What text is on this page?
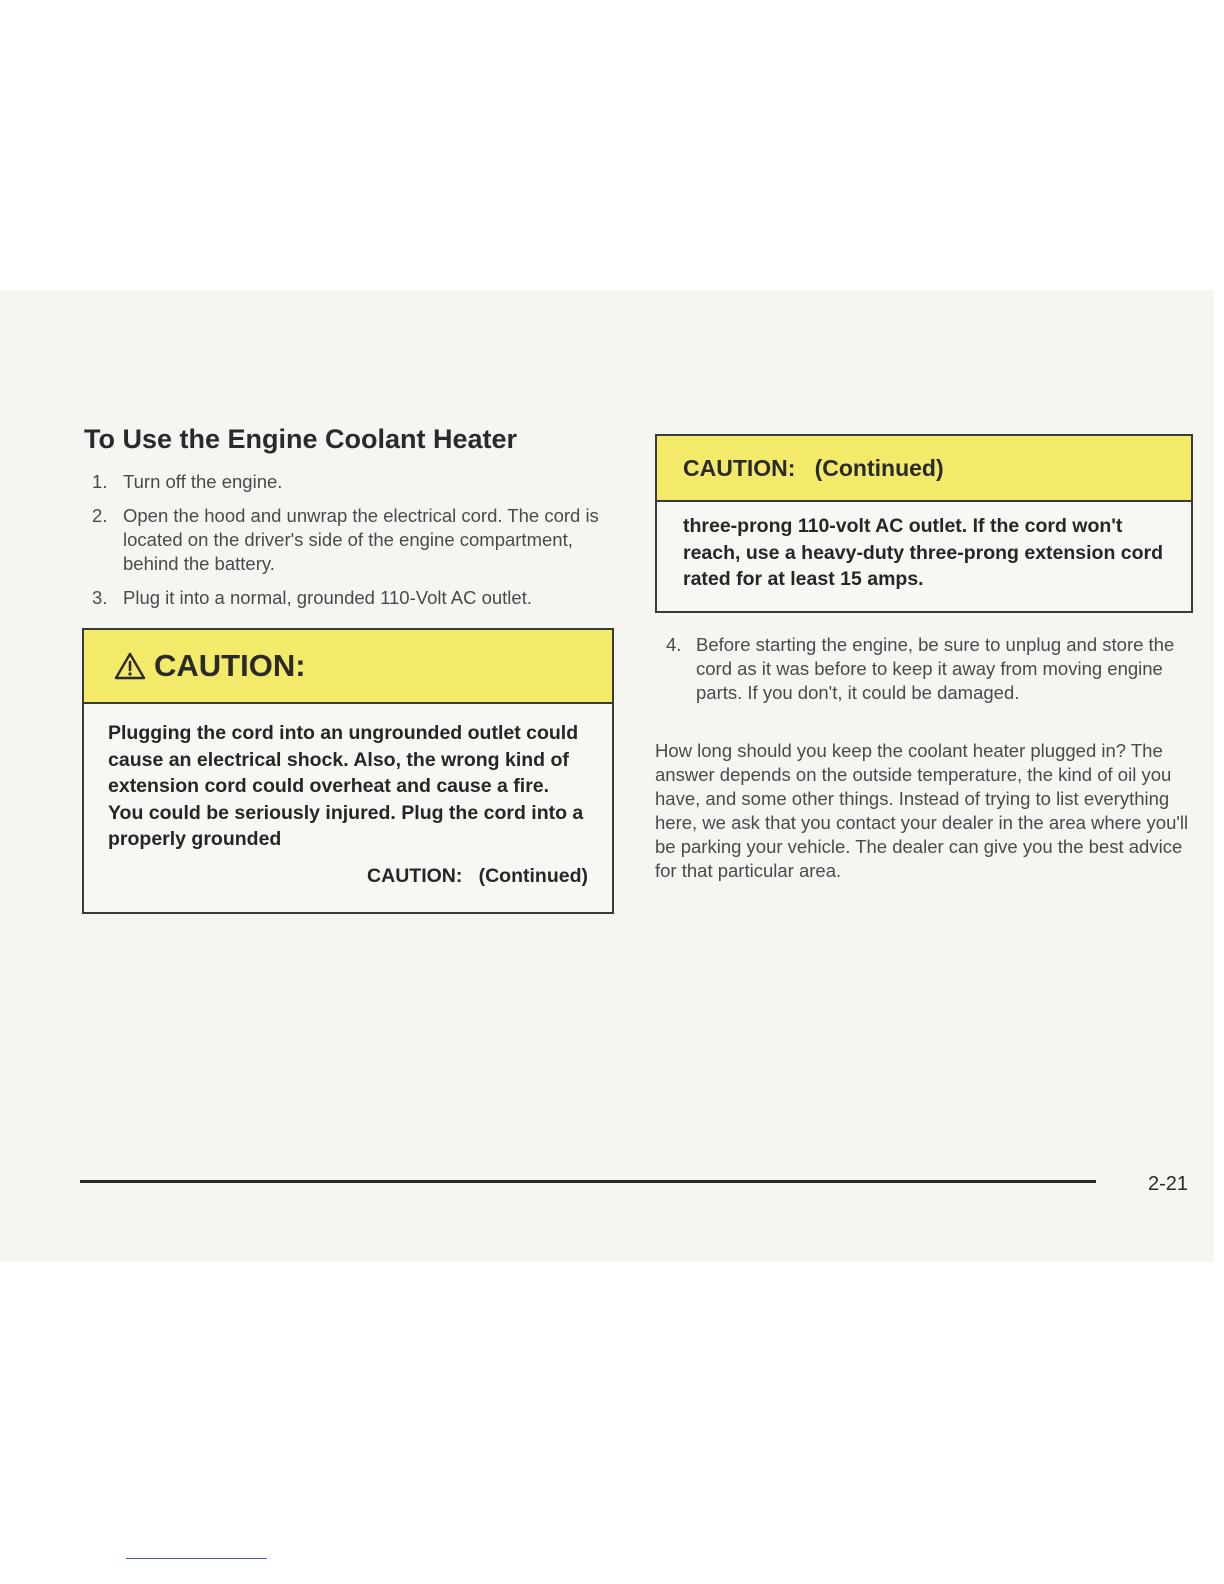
To Use the Engine Coolant Heater
1. Turn off the engine.
2. Open the hood and unwrap the electrical cord. The cord is located on the driver's side of the engine compartment, behind the battery.
3. Plug it into a normal, grounded 110-Volt AC outlet.
CAUTION:
Plugging the cord into an ungrounded outlet could cause an electrical shock. Also, the wrong kind of extension cord could overheat and cause a fire. You could be seriously injured. Plug the cord into a properly grounded
CAUTION:   (Continued)
CAUTION:   (Continued)
three-prong 110-volt AC outlet. If the cord won't reach, use a heavy-duty three-prong extension cord rated for at least 15 amps.
4. Before starting the engine, be sure to unplug and store the cord as it was before to keep it away from moving engine parts. If you don't, it could be damaged.

How long should you keep the coolant heater plugged in? The answer depends on the outside temperature, the kind of oil you have, and some other things. Instead of trying to list everything here, we ask that you contact your dealer in the area where you'll be parking your vehicle. The dealer can give you the best advice for that particular area.

2-21
